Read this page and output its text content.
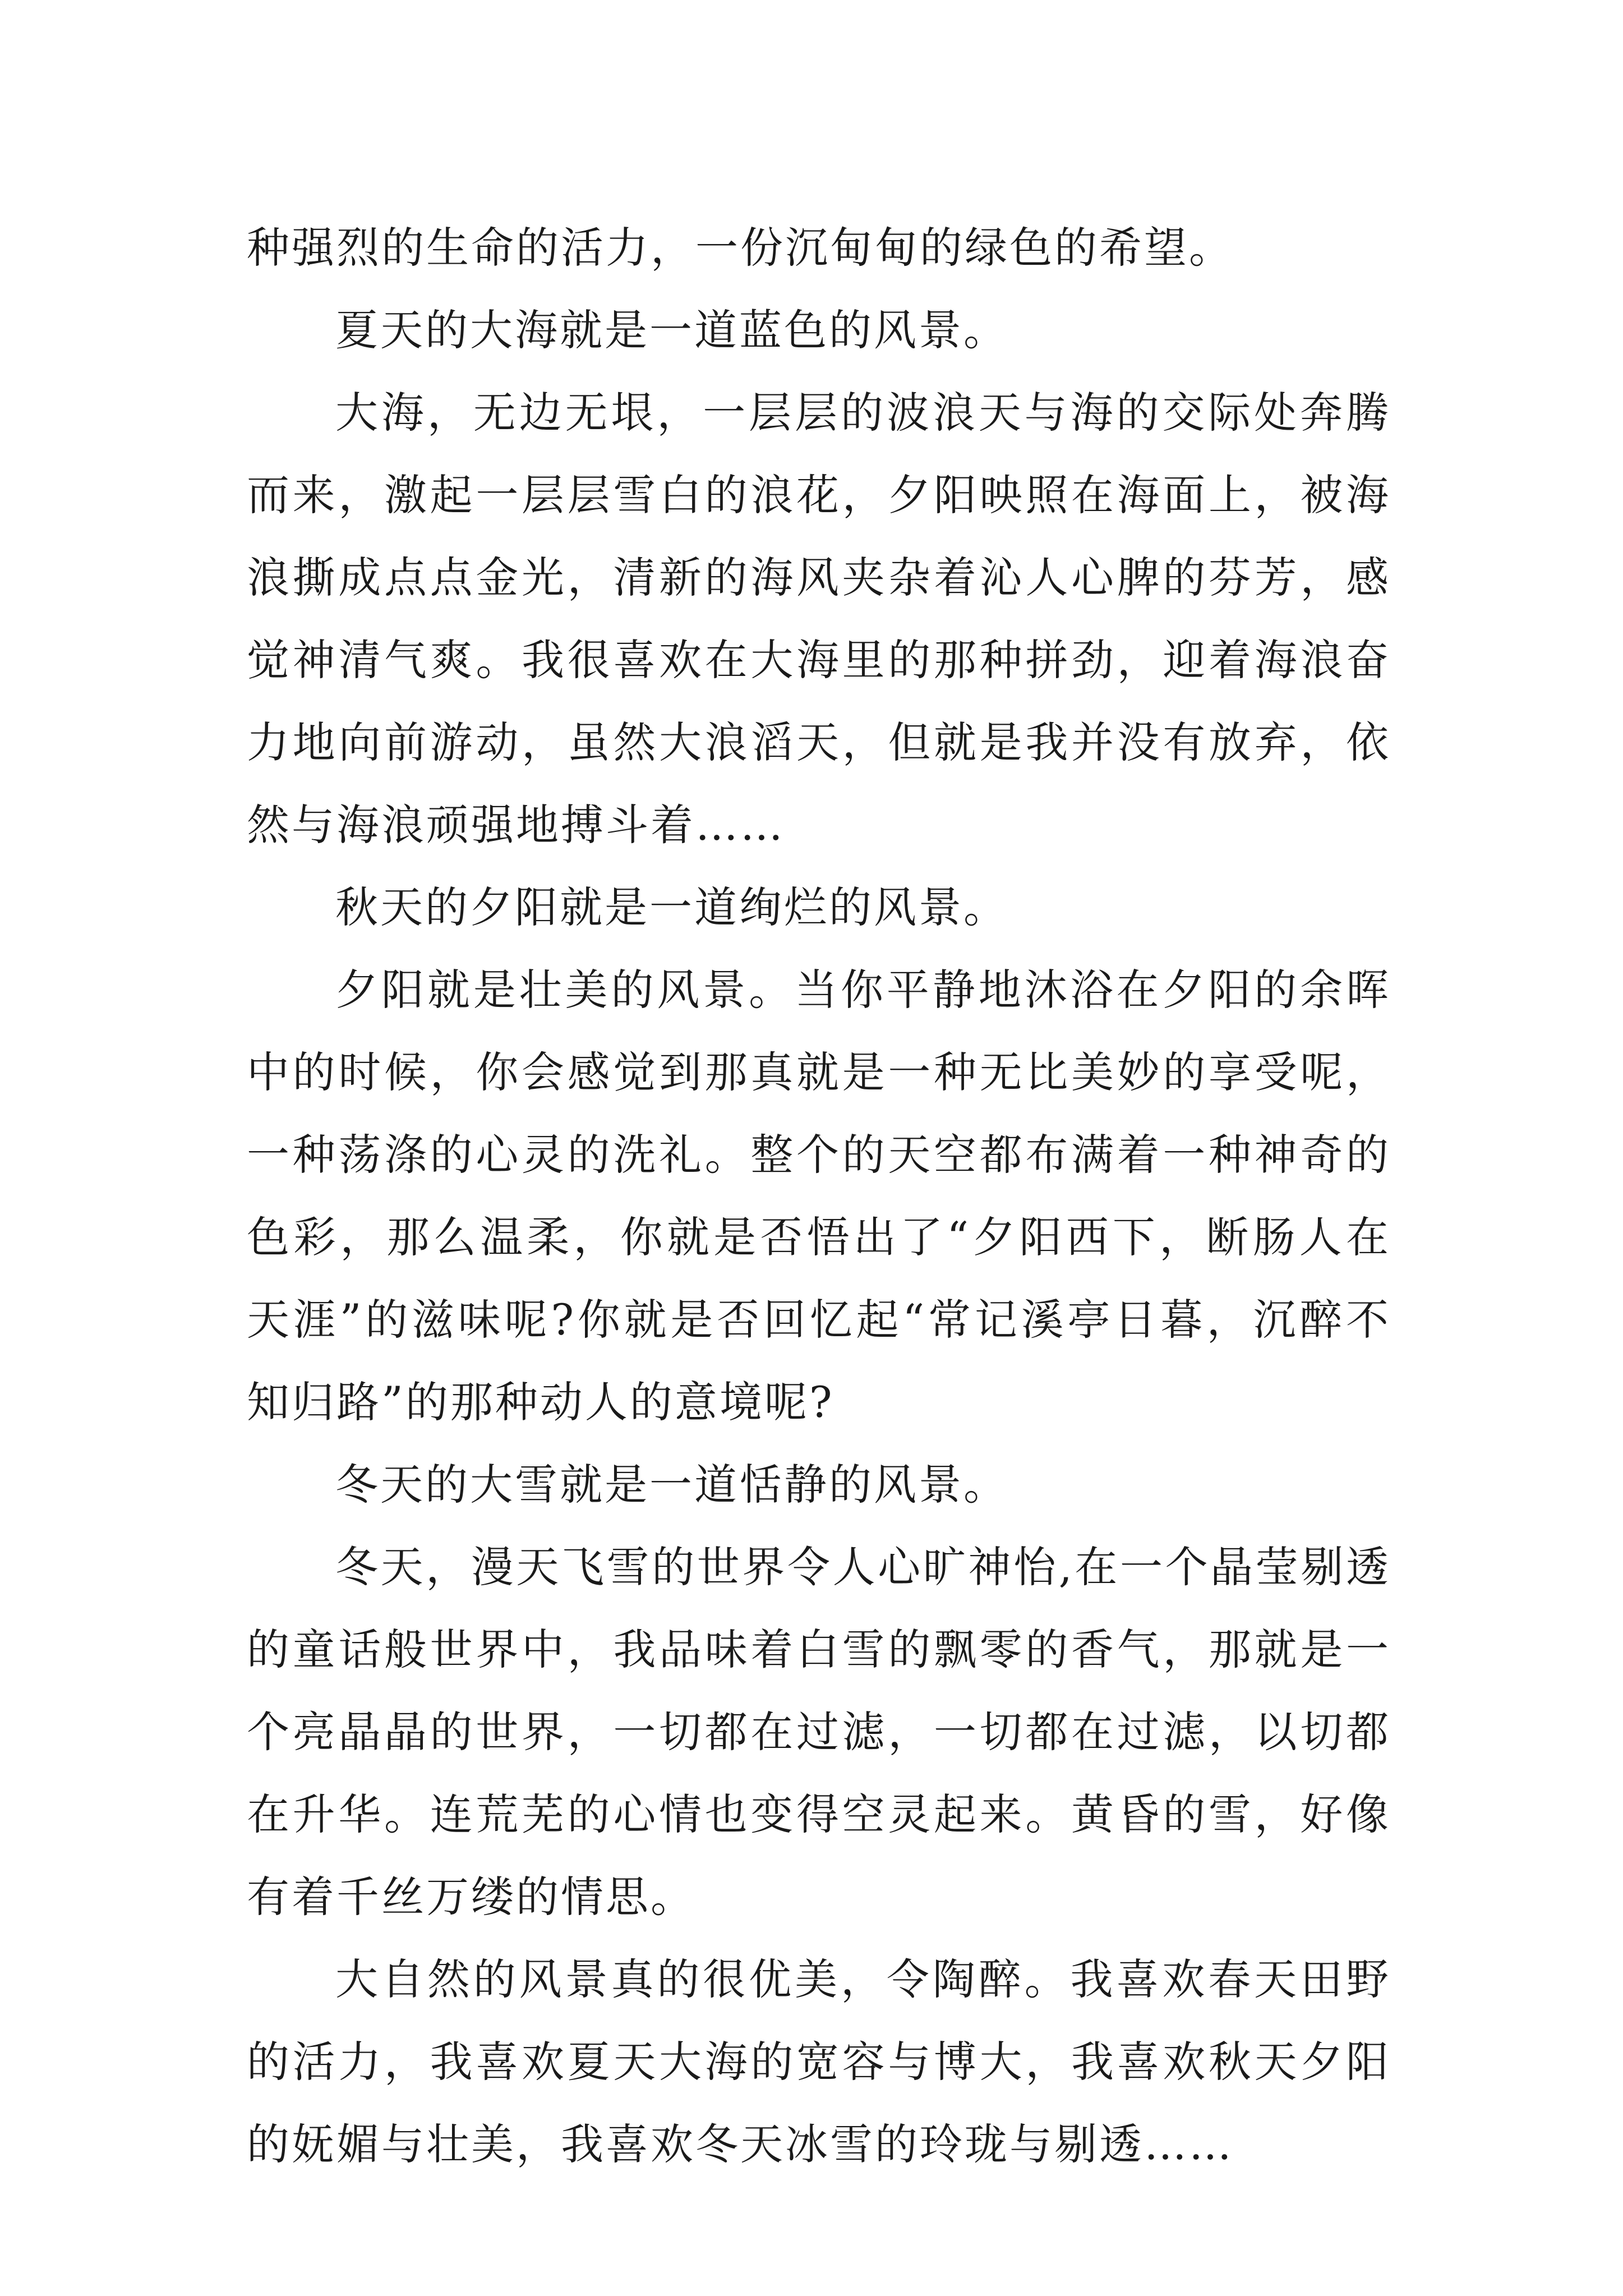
种强烈的生命的活力，一份沉甸甸的绿色的希望。

夏天的大海就是一道蓝色的风景。

大海，无边无垠，一层层的波浪天与海的交际处奔腾而来，激起一层层雪白的浪花，夕阳映照在海面上，被海浪撕成点点金光，清新的海风夹杂着沁人心脾的芬芳，感觉神清气爽。我很喜欢在大海里的那种拼劲，迎着海浪奋力地向前游动，虽然大浪滔天，但就是我并没有放弃，依然与海浪顽强地搏斗着……

秋天的夕阳就是一道绚烂的风景。

夕阳就是壮美的风景。当你平静地沐浴在夕阳的余晖中的时候，你会感觉到那真就是一种无比美妙的享受呢，一种荡涤的心灵的洗礼。整个的天空都布满着一种神奇的色彩，那么温柔，你就是否悟出了“夕阳西下，断肠人在天涯”的滋味呢?你就是否回忆起“常记溪亭日暮，沉醉不知归路”的那种动人的意境呢?

冬天的大雪就是一道恬静的风景。

冬天，漫天飞雪的世界令人心旷神怡,在一个晶莹剔透的童话般世界中，我品味着白雪的飘零的香气，那就是一个亮晶晶的世界，一切都在过滤，一切都在过滤，以切都在升华。连荒芜的心情也变得空灵起来。黄昏的雪，好像有着千丝万缕的情思。

大自然的风景真的很优美，令陶醉。我喜欢春天田野的活力，我喜欢夏天大海的宽容与博大，我喜欢秋天夕阳的妩媚与壮美，我喜欢冬天冰雪的玲珑与剔透……
